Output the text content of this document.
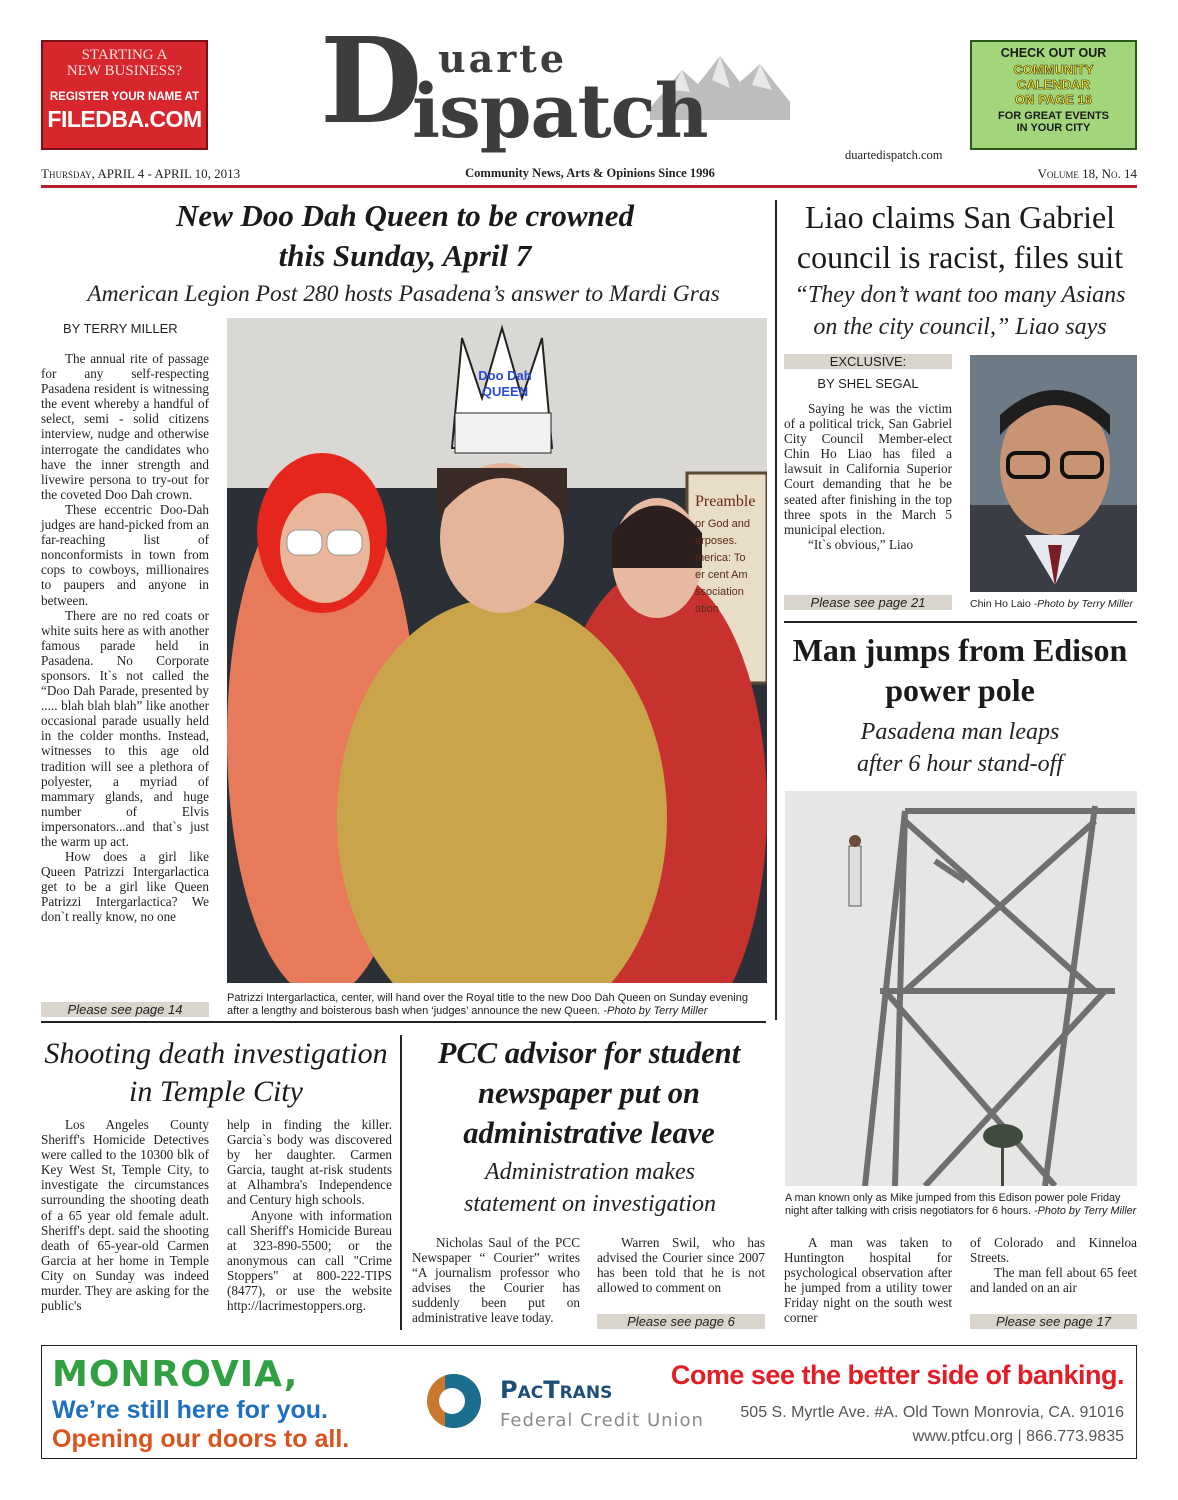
STARTING A
NEW BUSINESS?
REGISTER YOUR NAME AT
FILEDBA.COM D uarte
ispatch	duartedispatch.com
CHECK OUT OUR
COMMUNITY
CALENDAR
ON PAGE 16
FOR GREAT EVENTS
IN YOUR CITY
Thursday, APRIL 4 - APRIL 10, 2013	Community News, Arts & Opinions Since 1996	Volume 18, No. 14
New Doo Dah Queen to be crowned this Sunday, April 7
American Legion Post 280 hosts Pasadena’s answer to Mardi Gras
BY TERRY MILLER

The annual rite of passage for any self-respecting Pasadena resident is witnessing the event whereby a handful of select, semi - solid citizens interview, nudge and otherwise interrogate the candidates who have the inner strength and livewire persona to try-out for the coveted Doo Dah crown.

These eccentric Doo-Dah judges are hand-picked from an far-reaching list of nonconformists in town from cops to cowboys, millionaires to paupers and anyone in between.

There are no red coats or white suits here as with another famous parade held in Pasadena. No Corporate sponsors. It`s not called the “Doo Dah Parade, presented by ..... blah blah blah” like another occasional parade usually held in the colder months. Instead, witnesses to this age old tradition will see a plethora of polyester, a myriad of mammary glands, and huge number of Elvis impersonators...and that`s just the warm up act.

How does a girl like Queen Patrizzi Intergarlactica get to be a girl like Queen Patrizzi Intergarlactica? We don`t really know, no one

Please see page 14
Doo Dah
QUEEN
Preamble
or God and
urposes.
merica: To
er cent Am
ssociation
ation
Patrizzi Intergarlactica, center, will hand over the Royal title to the new Doo Dah Queen on Sunday evening after a lengthy and boisterous bash when ‘judges’ announce the new Queen. -Photo by Terry Miller
Liao claims San Gabriel council is racist, files suit
“They don’t want too many Asians on the city council,” Liao says
EXCLUSIVE:
BY SHEL SEGAL

Saying he was the victim of a political trick, San Gabriel City Council Member-elect Chin Ho Liao has filed a lawsuit in California Superior Court demanding that he be seated after finishing in the top three spots in the March 5 municipal election.

“It`s obvious,” Liao

Please see page 21	Chin Ho Laio -Photo by Terry Miller
Man jumps from Edison power pole
Pasadena man leaps after 6 hour stand-off
A man known only as Mike jumped from this Edison power pole Friday night after talking with crisis negotiators for 6 hours. -Photo by Terry Miller

A man was taken to Huntington hospital for psychological observation after he jumped from a utility tower Friday night on the south west corner

of Colorado and Kinneloa Streets.

The man fell about 65 feet and landed on an air

Please see page 17
Shooting death investigation in Temple City

Los Angeles County Sheriff's Homicide Detectives were called to the 10300 blk of Key West St, Temple City, to investigate the circumstances surrounding the shooting death of a 65 year old female adult. Sheriff's dept. said the shooting death of 65-year-old Carmen Garcia at her home in Temple City on Sunday was indeed murder. They are asking for the public's

help in finding the killer. Garcia`s body was discovered by her daughter. Carmen Garcia, taught at-risk students at Alhambra's Independence and Century high schools.

Anyone with information call Sheriff's Homicide Bureau at 323-890-5500; or the anonymous can call "Crime Stoppers" at 800-222-TIPS (8477), or use the website http://lacrimestoppers.org.

PCC advisor for student newspaper put on administrative leave
Administration makes statement on investigation

Nicholas Saul of the PCC Newspaper “ Courier” writes “A journalism professor who advises the Courier has suddenly been put on administrative leave today.

Warren Swil, who has advised the Courier since 2007 has been told that he is not allowed to comment on

Please see page 6
MONROVIA,
We’re still here for you.
Opening our doors to all.
PacTrans
Federal Credit Union
Come see the better side of banking.
505 S. Myrtle Ave. #A. Old Town Monrovia, CA. 91016
www.ptfcu.org | 866.773.9835
